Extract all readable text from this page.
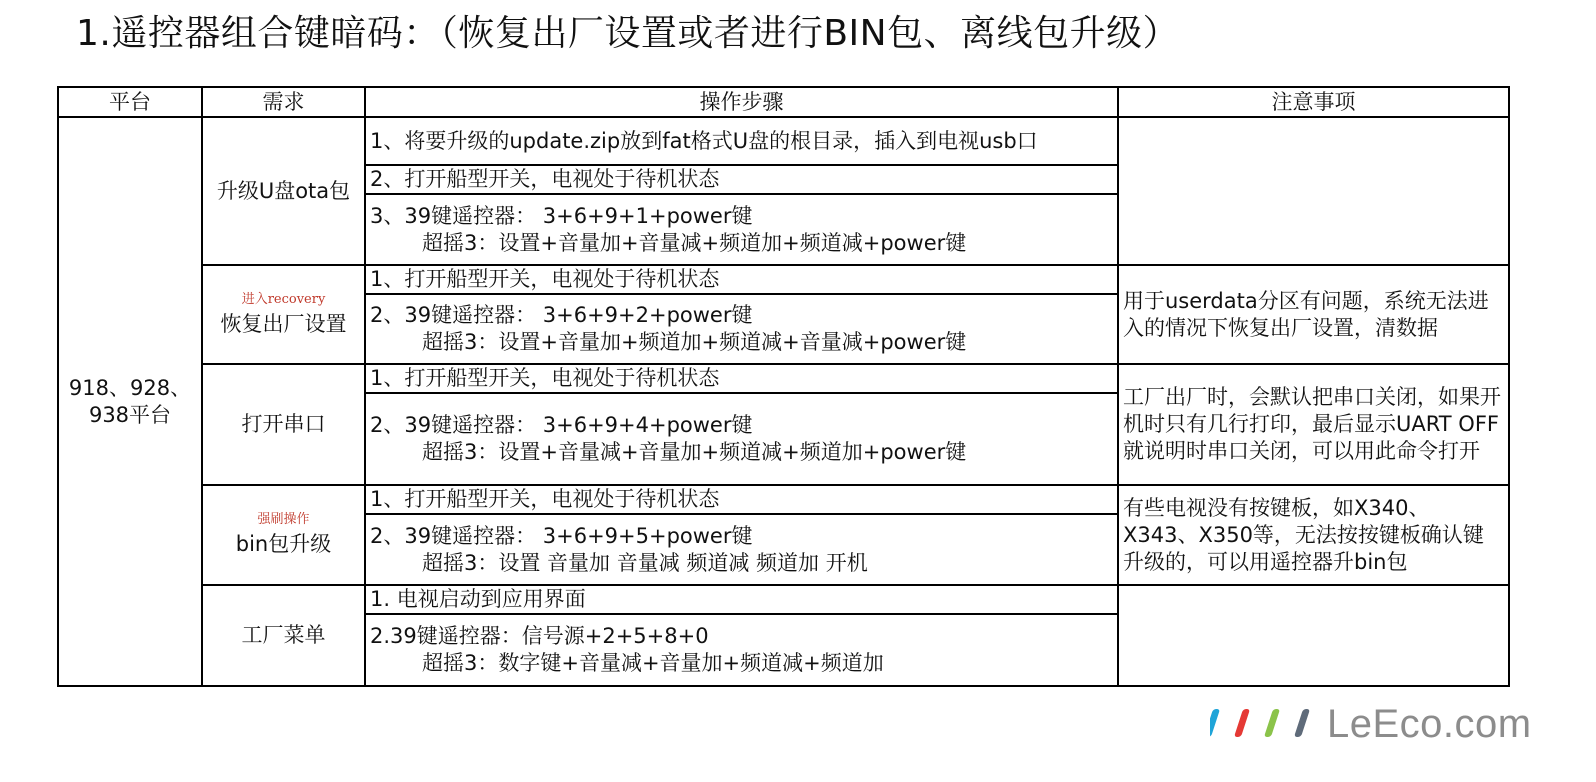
1.遥控器组合键暗码：（恢复出厂设置或者进行BIN包、离线包升级）
平台	需求	操作步骤	注意事项
918、928、938平台	升级U盘ota包	1、将要升级的update.zip放到fat格式U盘的根目录，插入到电视usb口	
		2、打开船型开关，电视处于待机状态	
		3、39键遥控器： 3+6+9+1+power键
超摇3：设置+音量加+音量减+频道加+频道减+power键	

	进入recovery
恢复出厂设置	1、打开船型开关，电视处于待机状态	用于userdata分区有问题，系统无法进入的情况下恢复出厂设置，清数据
		2、39键遥控器： 3+6+9+2+power键
超摇3：设置+音量加+频道加+频道减+音量减+power键	

	打开串口	1、打开船型开关，电视处于待机状态	工厂出厂时，会默认把串口关闭，如果开机时只有几行打印，最后显示UART OFF就说明时串口关闭，可以用此命令打开
		2、39键遥控器： 3+6+9+4+power键
超摇3：设置+音量减+音量加+频道减+频道加+power键	

	强刷操作
bin包升级	1、打开船型开关，电视处于待机状态	有些电视没有按键板，如X340、X343、X350等，无法按按键板确认键升级的，可以用遥控器升bin包
		2、39键遥控器： 3+6+9+5+power键
超摇3：设置 音量加 音量减 频道减 频道加 开机	

	工厂菜单	1. 电视启动到应用界面	
		2.39键遥控器：信号源+2+5+8+0
超摇3：数字键+音量减+音量加+频道减+频道加	
LeEco.com
